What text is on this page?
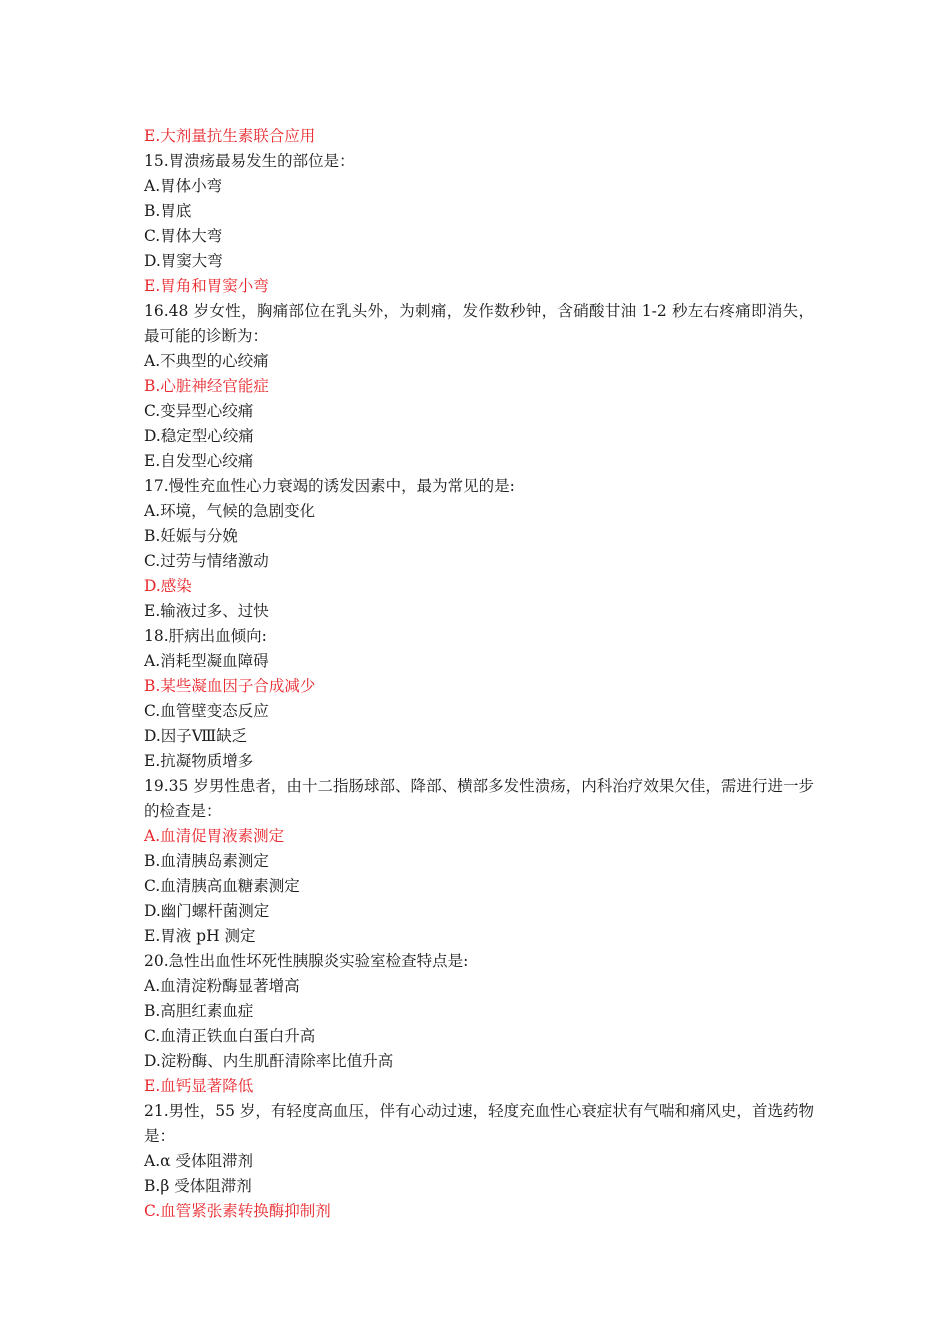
E.大剂量抗生素联合应用

15.胃溃疡最易发生的部位是：

A.胃体小弯

B.胃底

C.胃体大弯

D.胃窦大弯

E.胃角和胃窦小弯

16.48 岁女性，胸痛部位在乳头外，为刺痛，发作数秒钟，含硝酸甘油 1-2 秒左右疼痛即消失，最可能的诊断为：

A.不典型的心绞痛

B.心脏神经官能症

C.变异型心绞痛

D.稳定型心绞痛

E.自发型心绞痛

17.慢性充血性心力衰竭的诱发因素中，最为常见的是:

A.环境，气候的急剧变化

B.妊娠与分娩

C.过劳与情绪激动

D.感染

E.输液过多、过快

18.肝病出血倾向:

A.消耗型凝血障碍

B.某些凝血因子合成减少

C.血管壁变态反应

D.因子Ⅷ缺乏

E.抗凝物质增多

19.35 岁男性患者，由十二指肠球部、降部、横部多发性溃疡，内科治疗效果欠佳，需进行进一步的检查是：

A.血清促胃液素测定

B.血清胰岛素测定

C.血清胰高血糖素测定

D.幽门螺杆菌测定

E.胃液 pH 测定

20.急性出血性坏死性胰腺炎实验室检查特点是:

A.血清淀粉酶显著增高

B.高胆红素血症

C.血清正铁血白蛋白升高

D.淀粉酶、内生肌酐清除率比值升高

E.血钙显著降低

21.男性，55 岁，有轻度高血压，伴有心动过速，轻度充血性心衰症状有气喘和痛风史，首选药物是：

A.α 受体阻滞剂

B.β 受体阻滞剂

C.血管紧张素转换酶抑制剂
